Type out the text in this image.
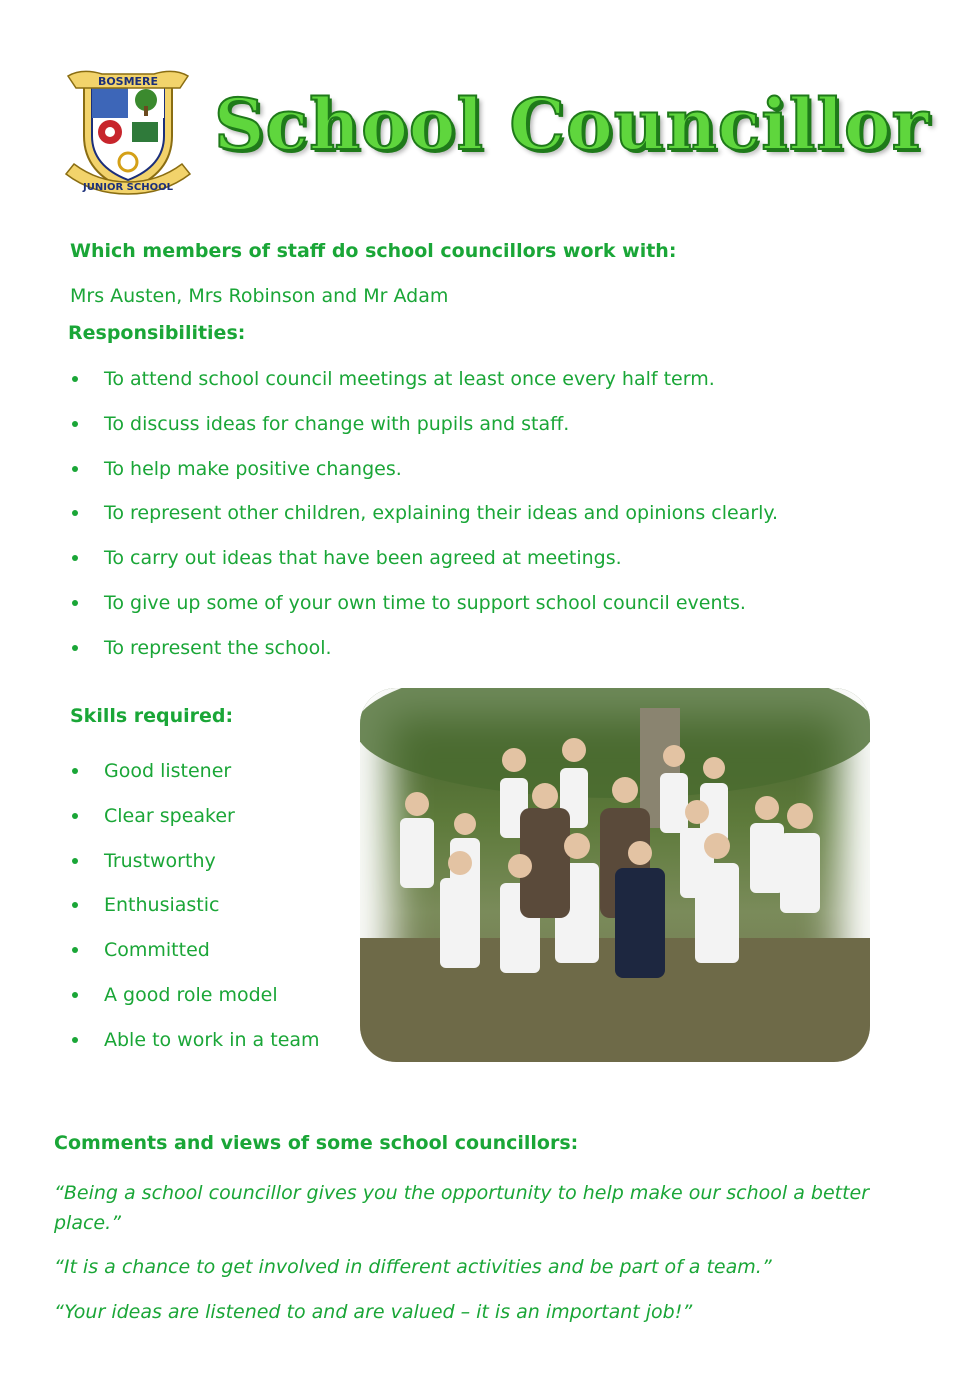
BOSMERE
JUNIOR SCHOOL
School Councillor
Which members of staff do school councillors work with:
Mrs Austen, Mrs Robinson and Mr Adam
Responsibilities:
To attend school council meetings at least once every half term.
To discuss ideas for change with pupils and staff.
To help make positive changes.
To represent other children, explaining their ideas and opinions clearly.
To carry out ideas that have been agreed at meetings.
To give up some of your own time to support school council events.
To represent the school.
Skills required:
Good listener
Clear speaker
Trustworthy
Enthusiastic
Committed
A good role model
Able to work in a team
Comments and views of some school councillors:
“Being a school councillor gives you the opportunity to help make our school a better place.”
“It is a chance to get involved in different activities and be part of a team.”
“Your ideas are listened to and are valued – it is an important job!”
